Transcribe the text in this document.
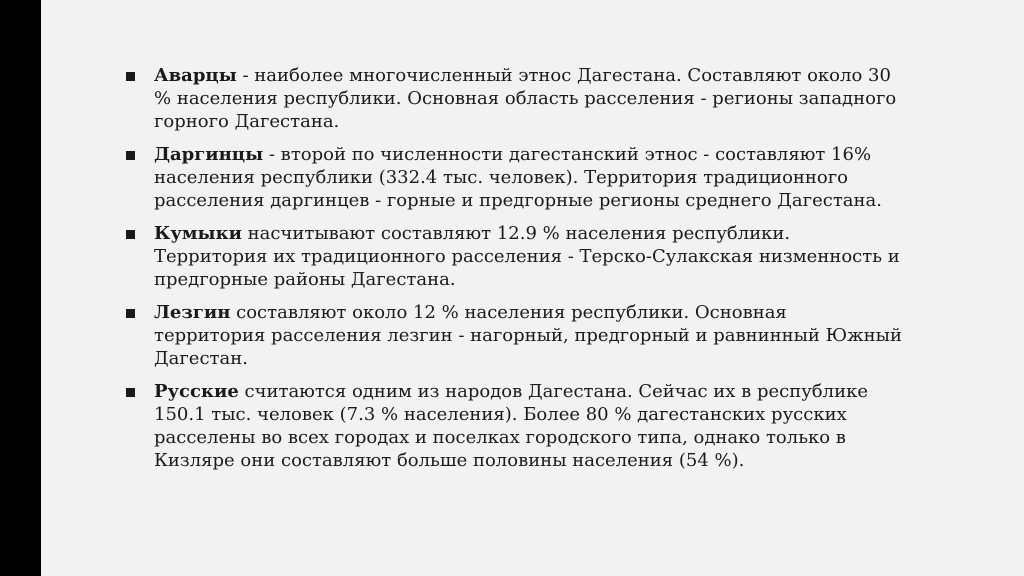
Аварцы - наиболее многочисленный этнос Дагестана. Составляют около 30 % населения республики. Основная область расселения - регионы западного горного Дагестана.
Даргинцы - второй по численности дагестанский этнос - составляют 16% населения республики (332.4 тыс. человек). Территория традиционного расселения даргинцев - горные и предгорные регионы среднего Дагестана.
Кумыки насчитывают составляют 12.9 % населения республики. Территория их традиционного расселения - Терско-Сулакская низменность и предгорные районы Дагестана.
Лезгин составляют около 12 % населения республики. Основная территория расселения лезгин - нагорный, предгорный и равнинный Южный Дагестан.
Русские считаются одним из народов Дагестана. Сейчас их в республике 150.1 тыс. человек (7.3 % населения). Более 80 % дагестанских русских расселены во всех городах и поселках городского типа, однако только в Кизляре они составляют больше половины населения (54 %).
